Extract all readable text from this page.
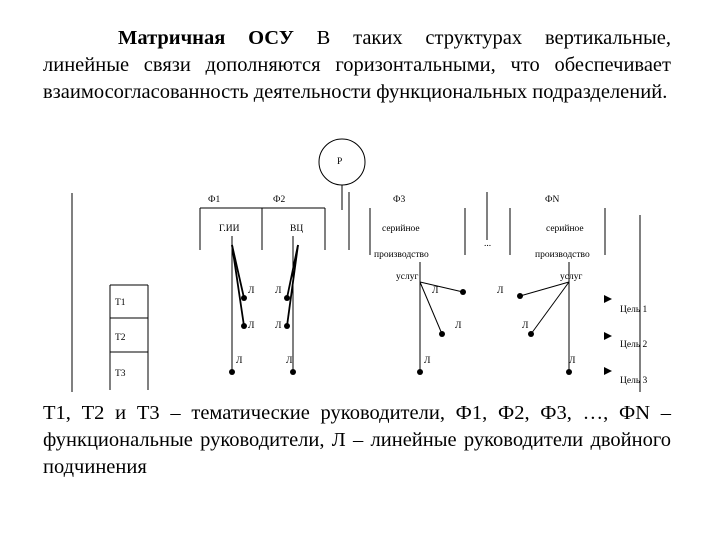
Матричная ОСУ В таких структурах вертикальные, линейные связи дополняются горизонтальными, что обеспечивает взаимосогласованность деятельности функциональных подразделений.
Р
Ф1	Ф2	Ф3	ФN
Г.ИИ	ВЦ	серийное
производство
услуг
...
серийное
производство
услуг
Т1
Т2
Т3
Л Л	Л	Л
Л Л	Л	Л
Л	Л	Л	Л
Цель 1
Цель 2
Цель 3
Т1, Т2 и Т3 – тематические руководители, Ф1, Ф2, Ф3, …, ФN – функциональные руководители, Л – линейные руководители двойного подчинения
